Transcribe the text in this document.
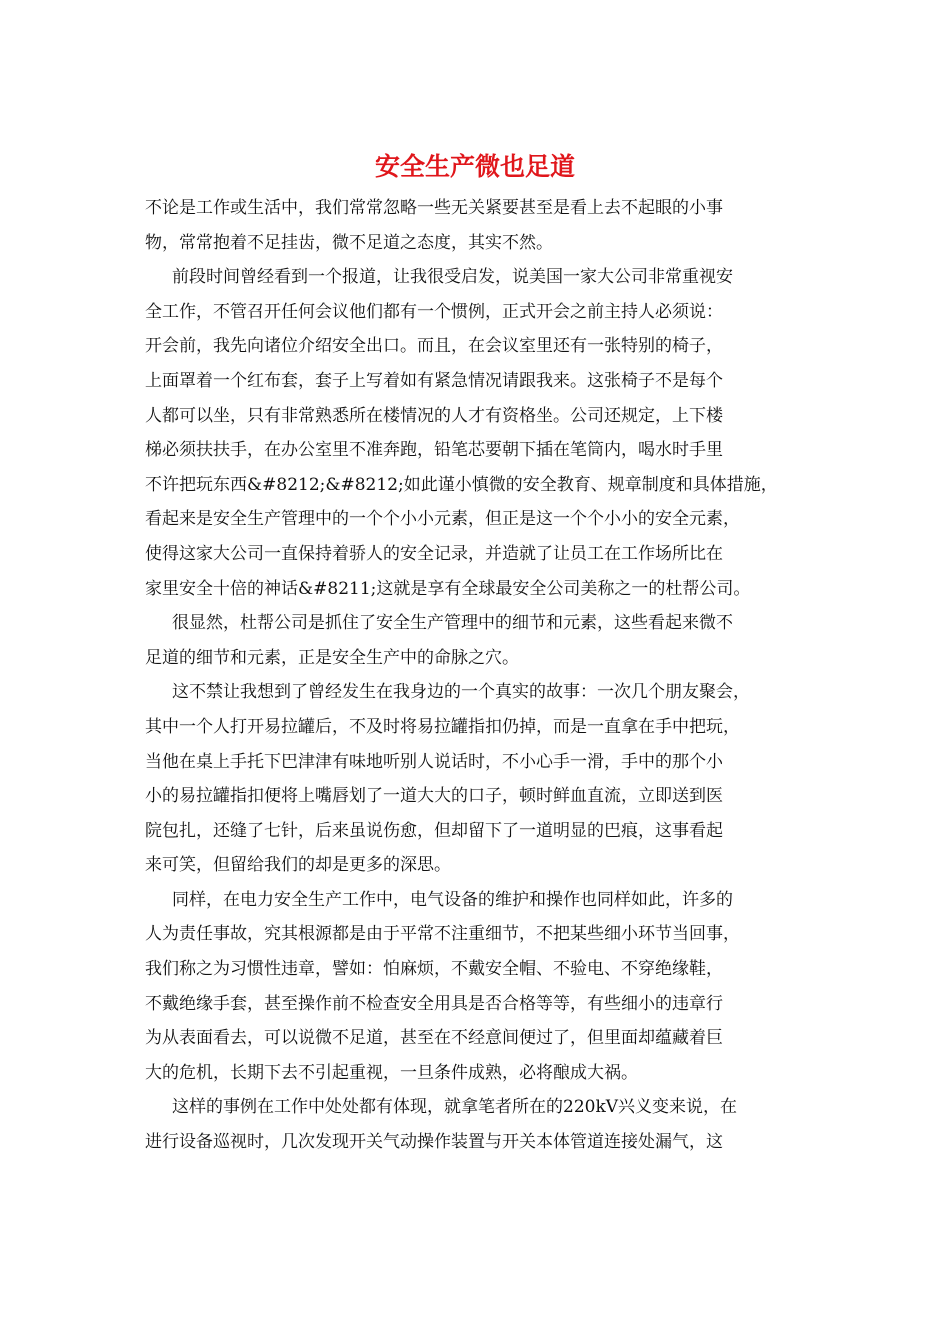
安全生产微也足道
不论是工作或生活中，我们常常忽略一些无关紧要甚至是看上去不起眼的小事
物，常常抱着不足挂齿，微不足道之态度，其实不然。
前段时间曾经看到一个报道，让我很受启发，说美国一家大公司非常重视安
全工作，不管召开任何会议他们都有一个惯例，正式开会之前主持人必须说：
开会前，我先向诸位介绍安全出口。而且，在会议室里还有一张特别的椅子，
上面罩着一个红布套，套子上写着如有紧急情况请跟我来。这张椅子不是每个
人都可以坐，只有非常熟悉所在楼情况的人才有资格坐。公司还规定，上下楼
梯必须扶扶手，在办公室里不准奔跑，铅笔芯要朝下插在笔筒内，喝水时手里
不许把玩东西&#8212;&#8212;如此谨小慎微的安全教育、规章制度和具体措施，
看起来是安全生产管理中的一个个小小元素，但正是这一个个小小的安全元素，
使得这家大公司一直保持着骄人的安全记录，并造就了让员工在工作场所比在
家里安全十倍的神话&#8211;这就是享有全球最安全公司美称之一的杜帮公司。
很显然，杜帮公司是抓住了安全生产管理中的细节和元素，这些看起来微不
足道的细节和元素，正是安全生产中的命脉之穴。
这不禁让我想到了曾经发生在我身边的一个真实的故事：一次几个朋友聚会，
其中一个人打开易拉罐后，不及时将易拉罐指扣仍掉，而是一直拿在手中把玩，
当他在桌上手托下巴津津有味地听别人说话时，不小心手一滑，手中的那个小
小的易拉罐指扣便将上嘴唇划了一道大大的口子，顿时鲜血直流，立即送到医
院包扎，还缝了七针，后来虽说伤愈，但却留下了一道明显的巴痕，这事看起
来可笑，但留给我们的却是更多的深思。
同样，在电力安全生产工作中，电气设备的维护和操作也同样如此，许多的
人为责任事故，究其根源都是由于平常不注重细节，不把某些细小环节当回事，
我们称之为习惯性违章，譬如：怕麻烦，不戴安全帽、不验电、不穿绝缘鞋，
不戴绝缘手套，甚至操作前不检查安全用具是否合格等等，有些细小的违章行
为从表面看去，可以说微不足道，甚至在不经意间便过了，但里面却蕴藏着巨
大的危机，长期下去不引起重视，一旦条件成熟，必将酿成大祸。
这样的事例在工作中处处都有体现，就拿笔者所在的220kV兴义变来说，在
进行设备巡视时，几次发现开关气动操作装置与开关本体管道连接处漏气，这
